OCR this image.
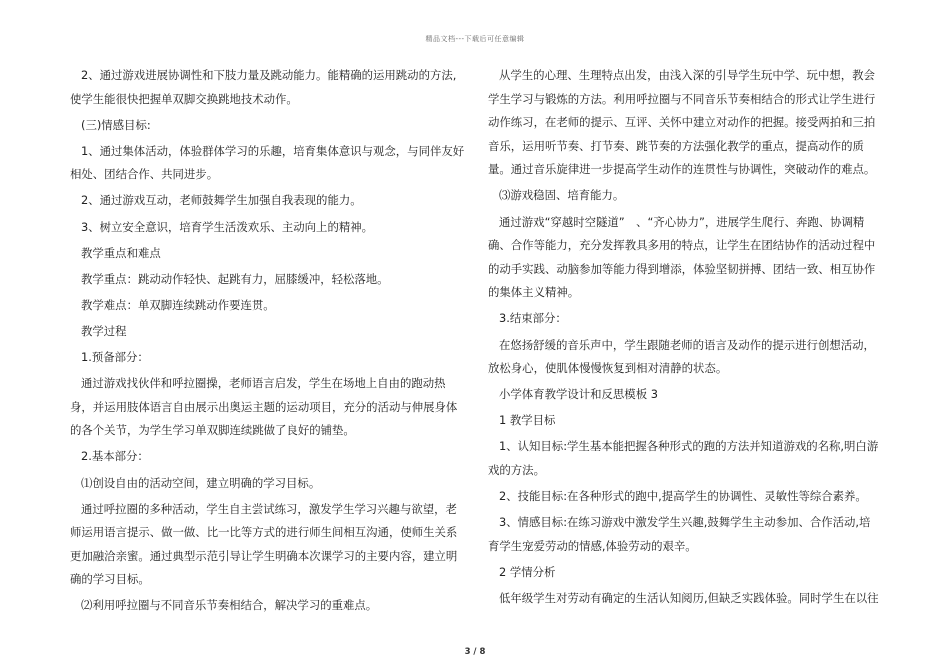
精品文档---下载后可任意编辑

2、通过游戏进展协调性和下肢力量及跳动能力。能精确的运用跳动的方法,使学生能很快把握单双脚交换跳地技术动作。

(三)情感目标:

1、通过集体活动，体验群体学习的乐趣，培育集体意识与观念，与同伴友好相处、团结合作、共同进步。

2、通过游戏互动，老师鼓舞学生加强自我表现的能力。

3、树立安全意识，培育学生活泼欢乐、主动向上的精神。

教学重点和难点

教学重点：跳动动作轻快、起跳有力，屈膝缓冲，轻松落地。

教学难点：单双脚连续跳动作要连贯。

教学过程

1.预备部分：

通过游戏找伙伴和呼拉圈操，老师语言启发，学生在场地上自由的跑动热身，并运用肢体语言自由展示出奥运主题的运动项目，充分的活动与伸展身体的各个关节，为学生学习单双脚连续跳做了良好的铺垫。

2.基本部分：

⑴创设自由的活动空间，建立明确的学习目标。

通过呼拉圈的多种活动，学生自主尝试练习，激发学生学习兴趣与欲望，老师运用语言提示、做一做、比一比等方式的进行师生间相互沟通，使师生关系更加融洽亲蜜。通过典型示范引导让学生明确本次课学习的主要内容，建立明确的学习目标。

⑵利用呼拉圈与不同音乐节奏相结合，解决学习的重难点。

从学生的心理、生理特点出发，由浅入深的引导学生玩中学、玩中想，教会学生学习与锻炼的方法。利用呼拉圈与不同音乐节奏相结合的形式让学生进行动作练习，在老师的提示、互评、关怀中建立对动作的把握。接受两拍和三拍音乐，运用听节奏、打节奏、跳节奏的方法强化教学的重点，提高动作的质量。通过音乐旋律进一步提高学生动作的连贯性与协调性，突破动作的难点。

⑶游戏稳固、培育能力。

通过游戏“穿越时空隧道”　、“齐心协力”，进展学生爬行、奔跑、协调精确、合作等能力，充分发挥教具多用的特点，让学生在团结协作的活动过程中的动手实践、动脑参加等能力得到增添，体验坚韧拼搏、团结一致、相互协作的集体主义精神。

3.结束部分：

在悠扬舒缓的音乐声中，学生跟随老师的语言及动作的提示进行创想活动，放松身心，使肌体慢慢恢复到相对清静的状态。

小学体育教学设计和反思模板 3

1 教学目标

1、认知目标:学生基本能把握各种形式的跑的方法并知道游戏的名称,明白游戏的方法。

2、技能目标:在各种形式的跑中,提高学生的协调性、灵敏性等综合素养。

3、情感目标:在练习游戏中激发学生兴趣,鼓舞学生主动参加、合作活动,培育学生宠爱劳动的情感,体验劳动的艰辛。

2 学情分析

低年级学生对劳动有确定的生活认知阅历,但缺乏实践体验。同时学生在以往

3 / 8
